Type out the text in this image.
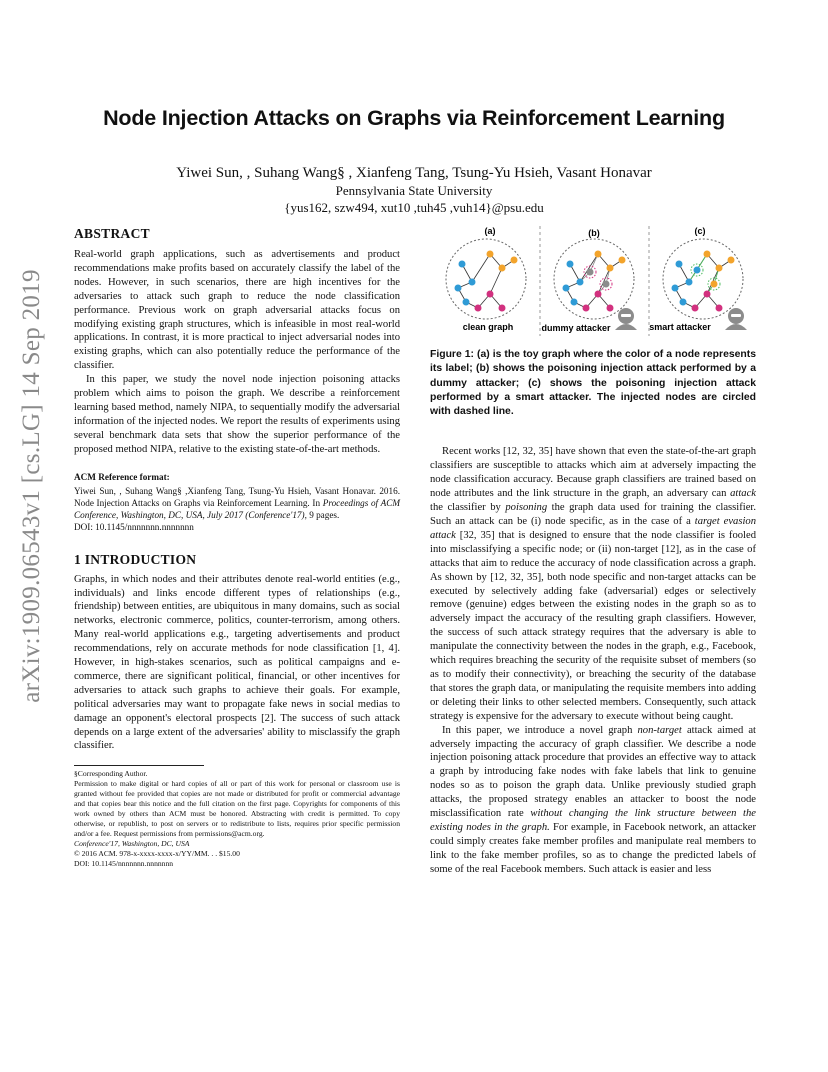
arXiv:1909.06543v1 [cs.LG] 14 Sep 2019
Node Injection Attacks on Graphs via Reinforcement Learning
Yiwei Sun, , Suhang Wang§ , Xianfeng Tang, Tsung-Yu Hsieh, Vasant Honavar
Pennsylvania State University
{yus162, szw494, xut10 ,tuh45 ,vuh14}@psu.edu
ABSTRACT

Real-world graph applications, such as advertisements and product recommendations make profits based on accurately classify the label of the nodes. However, in such scenarios, there are high incentives for the adversaries to attack such graph to reduce the node classification performance. Previous work on graph adversarial attacks focus on modifying existing graph structures, which is infeasible in most real-world applications. In contrast, it is more practical to inject adversarial nodes into existing graphs, which can also potentially reduce the performance of the classifier.

In this paper, we study the novel node injection poisoning attacks problem which aims to poison the graph. We describe a reinforcement learning based method, namely NIPA, to sequentially modify the adversarial information of the injected nodes. We report the results of experiments using several benchmark data sets that show the superior performance of the proposed method NIPA, relative to the existing state-of-the-art methods.

ACM Reference format:

Yiwei Sun, , Suhang Wang§ ,Xianfeng Tang, Tsung-Yu Hsieh, Vasant Honavar. 2016. Node Injection Attacks on Graphs via Reinforcement Learning. In Proceedings of ACM Conference, Washington, DC, USA, July 2017 (Conference'17), 9 pages.

DOI: 10.1145/nnnnnnn.nnnnnnn

1 INTRODUCTION

Graphs, in which nodes and their attributes denote real-world entities (e.g., individuals) and links encode different types of relationships (e.g., friendship) between entities, are ubiquitous in many domains, such as social networks, electronic commerce, politics, counter-terrorism, among others. Many real-world applications e.g., targeting advertisements and product recommendations, rely on accurate methods for node classification [1, 4]. However, in high-stakes scenarios, such as political campaigns and e-commerce, there are significant political, financial, or other incentives for adversaries to attack such graphs to achieve their goals. For example, political adversaries may want to propagate fake news in social medias to damage an opponent's electoral prospects [2]. The success of such attack depends on a large extent of the adversaries' ability to misclassify the graph classifier.

§Corresponding Author.

Permission to make digital or hard copies of all or part of this work for personal or classroom use is granted without fee provided that copies are not made or distributed for profit or commercial advantage and that copies bear this notice and the full citation on the first page. Copyrights for components of this work owned by others than ACM must be honored. Abstracting with credit is permitted. To copy otherwise, or republish, to post on servers or to redistribute to lists, requires prior specific permission and/or a fee. Request permissions from permissions@acm.org.

Conference'17, Washington, DC, USA

© 2016 ACM. 978-x-xxxx-xxxx-x/YY/MM. . . $15.00

DOI: 10.1145/nnnnnnn.nnnnnnn

(a)	(b)	(c)
clean graph	dummy attacker	smart attacker

Figure 1: (a) is the toy graph where the color of a node represents its label; (b) shows the poisoning injection attack performed by a dummy attacker; (c) shows the poisoning injection attack performed by a smart attacker. The injected nodes are circled with dashed line.

Recent works [12, 32, 35] have shown that even the state-of-the-art graph classifiers are susceptible to attacks which aim at adversely impacting the node classification accuracy. Because graph classifiers are trained based on node attributes and the link structure in the graph, an adversary can attack the classifier by poisoning the graph data used for training the classifier. Such an attack can be (i) node specific, as in the case of a target evasion attack [32, 35] that is designed to ensure that the node classifier is fooled into misclassifying a specific node; or (ii) non-target [12], as in the case of attacks that aim to reduce the accuracy of node classification across a graph. As shown by [12, 32, 35], both node specific and non-target attacks can be executed by selectively adding fake (adversarial) edges or selectively remove (genuine) edges between the existing nodes in the graph so as to adversely impact the accuracy of the resulting graph classifiers. However, the success of such attack strategy requires that the adversary is able to manipulate the connectivity between the nodes in the graph, e.g., Facebook, which requires breaching the security of the requisite subset of members (so as to modify their connectivity), or breaching the security of the database that stores the graph data, or manipulating the requisite members into adding or deleting their links to other selected members. Consequently, such attack strategy is expensive for the adversary to execute without being caught.

In this paper, we introduce a novel graph non-target attack aimed at adversely impacting the accuracy of graph classifier. We describe a node injection poisoning attack procedure that provides an effective way to attack a graph by introducing fake nodes with fake labels that link to genuine nodes so as to poison the graph data. Unlike previously studied graph attacks, the proposed strategy enables an attacker to boost the node misclassification rate without changing the link structure between the existing nodes in the graph. For example, in Facebook network, an attacker could simply creates fake member profiles and manipulate real members to link to the fake member profiles, so as to change the predicted labels of some of the real Facebook members. Such attack is easier and less
